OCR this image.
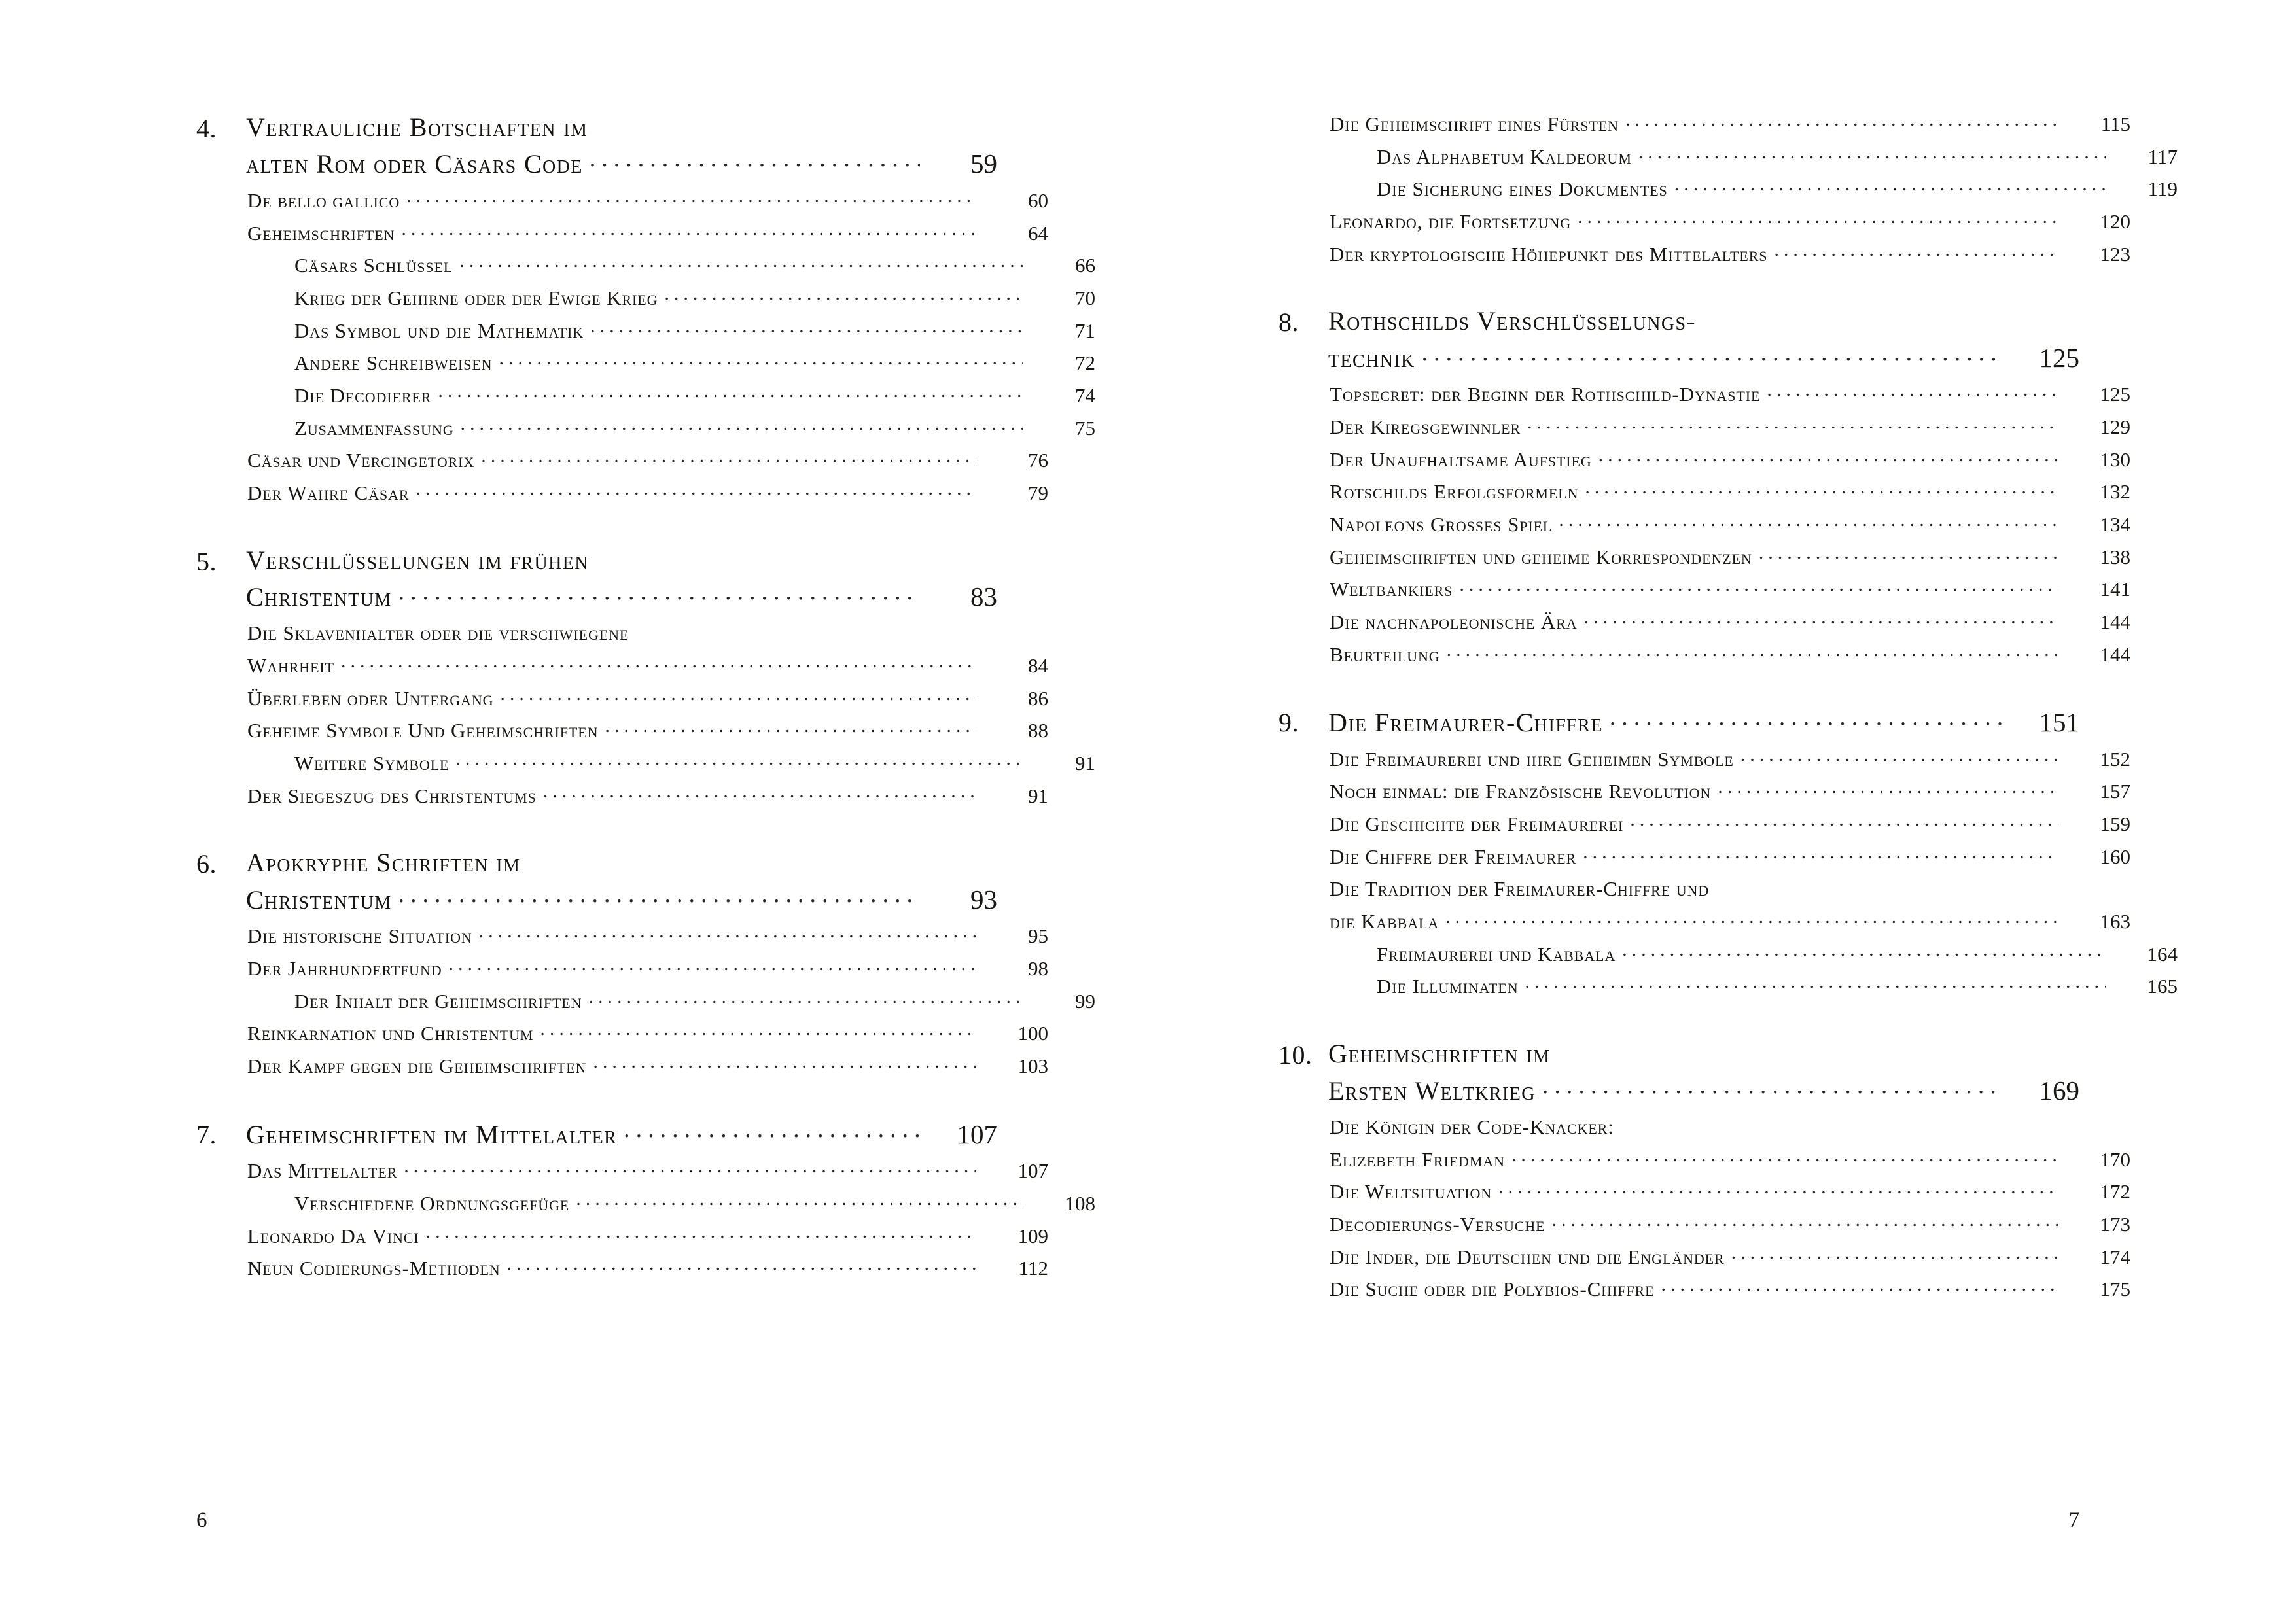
4.	Vertrauliche Botschaften im
alten Rom oder Cäsars Code .....	59
De bello gallico .....	60
Geheimschriften .....	64
Cäsars Schlüssel .....	66
Krieg der Gehirne oder der Ewige Krieg .....	70
Das Symbol und die Mathematik .....	71
Andere Schreibweisen .....	72
Die Decodierer .....	74
Zusammenfassung .....	75
Cäsar und Vercingetorix .....	76
Der Wahre Cäsar .....	79
5.	Verschlüsselungen im frühen
Christentum .....	83
Die Sklavenhalter oder die verschwiegene
Wahrheit .....	84
Überleben oder Untergang .....	86
Geheime Symbole Und Geheimschriften .....	88
Weitere Symbole .....	91
Der Siegeszug des Christentums .....	91
6.	Apokryphe Schriften im
Christentum .....	93
Die historische Situation .....	95
Der Jahrhundertfund .....	98
Der Inhalt der Geheimschriften .....	99
Reinkarnation und Christentum .....	100
Der Kampf gegen die Geheimschriften .....	103
7.	Geheimschriften im Mittelalter .....	107
Das Mittelalter .....	107
Verschiedene Ordnungsgefüge .....	108
Leonardo Da Vinci .....	109
Neun Codierungs-Methoden .....	112
6
Die Geheimschrift eines Fürsten .....	115
Das Alphabetum Kaldeorum .....	117
Die Sicherung eines Dokumentes .....	119
Leonardo, die Fortsetzung .....	120
Der kryptologische Höhepunkt des Mittelalters .....	123
8.	Rothschilds Verschlüsselungs-
technik .....	125
Topsecret: der Beginn der Rothschild-Dynastie .....	125
Der Kiregsgewinnler .....	129
Der Unaufhaltsame Aufstieg .....	130
Rotschilds Erfolgsformeln .....	132
Napoleons Grosses Spiel .....	134
Geheimschriften und geheime Korrespondenzen .....	138
Weltbankiers .....	141
Die nachnapoleonische Ära .....	144
Beurteilung .....	144
9.	Die Freimaurer-Chiffre .....	151
Die Freimaurerei und ihre Geheimen Symbole .....	152
Noch einmal: die Französische Revolution .....	157
Die Geschichte der Freimaurerei .....	159
Die Chiffre der Freimaurer .....	160
Die Tradition der Freimaurer-Chiffre und
die Kabbala .....	163
Freimaurerei und Kabbala .....	164
Die Illuminaten .....	165
10. Geheimschriften im
Ersten Weltkrieg .....	169
Die Königin der Code-Knacker:
Elizebeth Friedman .....	170
Die Weltsituation .....	172
Decodierungs-Versuche .....	173
Die Inder, die Deutschen und die Engländer .....	174
Die Suche oder die Polybios-Chiffre .....	175
7
